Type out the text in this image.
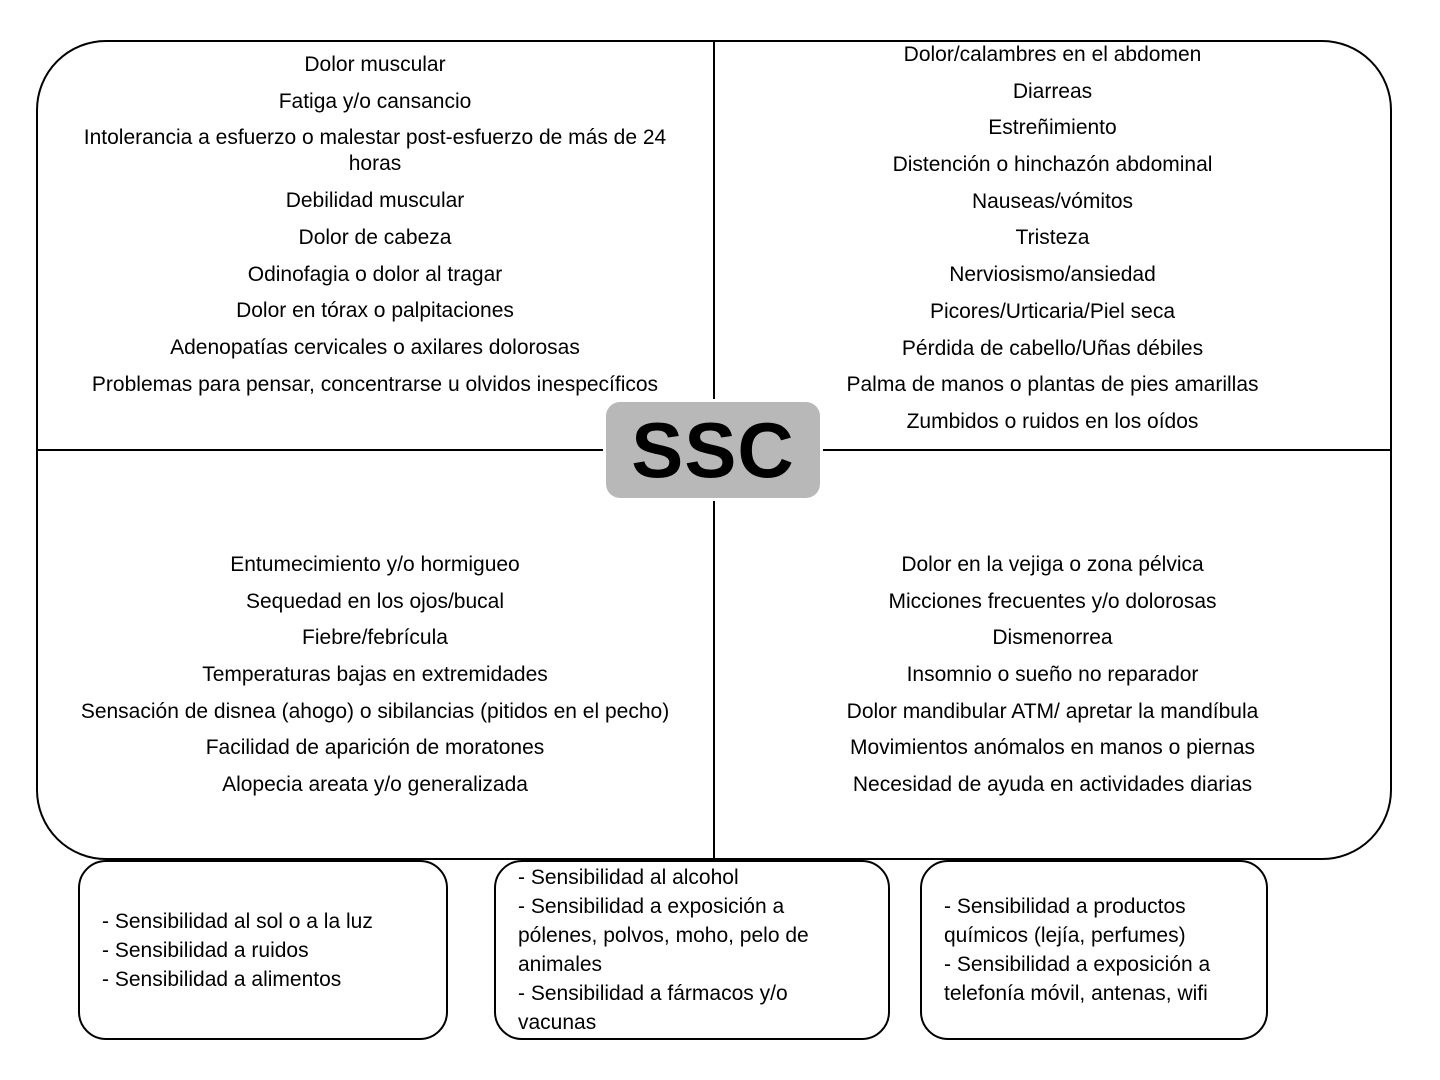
Dolor muscular
Fatiga y/o cansancio
Intolerancia a esfuerzo o malestar post-esfuerzo de más de 24 horas
Debilidad muscular
Dolor de cabeza
Odinofagia o dolor al tragar
Dolor en tórax o palpitaciones
Adenopatías cervicales o axilares dolorosas
Problemas para pensar, concentrarse u olvidos inespecíficos
Dolor/calambres en el abdomen
Diarreas
Estreñimiento
Distención o hinchazón abdominal
Nauseas/vómitos
Tristeza
Nerviosismo/ansiedad
Picores/Urticaria/Piel seca
Pérdida de cabello/Uñas débiles
Palma de manos o plantas de pies amarillas
Zumbidos o ruidos en los oídos
Entumecimiento y/o hormigueo
Sequedad en los ojos/bucal
Fiebre/febrícula
Temperaturas bajas en extremidades
Sensación de disnea (ahogo) o sibilancias (pitidos en el pecho)
Facilidad de aparición de moratones
Alopecia areata y/o generalizada
Dolor en la vejiga o zona pélvica
Micciones frecuentes y/o dolorosas
Dismenorrea
Insomnio o sueño no reparador
Dolor mandibular ATM/ apretar la mandíbula
Movimientos anómalos en manos o piernas
Necesidad de ayuda en actividades diarias
SSC
- Sensibilidad al sol o a la luz
- Sensibilidad a ruidos
- Sensibilidad a alimentos
- Sensibilidad al alcohol
- Sensibilidad a exposición a pólenes, polvos, moho, pelo de animales
- Sensibilidad a fármacos y/o vacunas
- Sensibilidad a productos químicos (lejía, perfumes)
- Sensibilidad a exposición a telefonía móvil, antenas, wifi
